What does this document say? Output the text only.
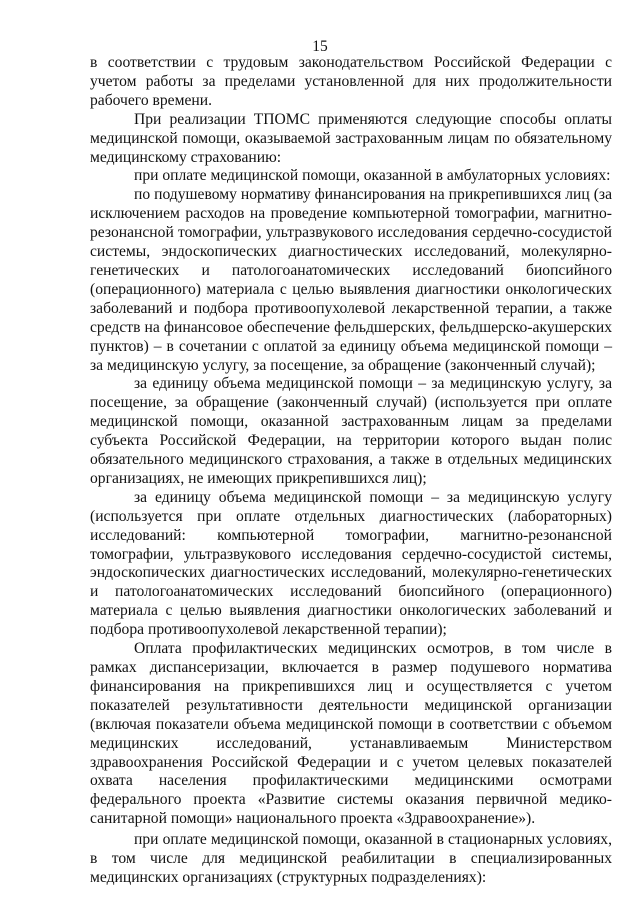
15

в соответствии с трудовым законодательством Российской Федерации с учетом работы за пределами установленной для них продолжительности рабочего времени.

При реализации ТПОМС применяются следующие способы оплаты медицинской помощи, оказываемой застрахованным лицам по обязательному медицинскому страхованию:

при оплате медицинской помощи, оказанной в амбулаторных условиях:

по подушевому нормативу финансирования на прикрепившихся лиц (за исключением расходов на проведение компьютерной томографии, магнитно-резонансной томографии, ультразвукового исследования сердечно-сосудистой системы, эндоскопических диагностических исследований, молекулярно-генетических и патологоанатомических исследований биопсийного (операционного) материала с целью выявления диагностики онкологических заболеваний и подбора противоопухолевой лекарственной терапии, а также средств на финансовое обеспечение фельдшерских, фельдшерско-акушерских пунктов) – в сочетании с оплатой за единицу объема медицинской помощи – за медицинскую услугу, за посещение, за обращение (законченный случай);

за единицу объема медицинской помощи – за медицинскую услугу, за посещение, за обращение (законченный случай) (используется при оплате медицинской помощи, оказанной застрахованным лицам за пределами субъекта Российской Федерации, на территории которого выдан полис обязательного медицинского страхования, а также в отдельных медицинских организациях, не имеющих прикрепившихся лиц);

за единицу объема медицинской помощи – за медицинскую услугу (используется при оплате отдельных диагностических (лабораторных) исследований: компьютерной томографии, магнитно-резонансной томографии, ультразвукового исследования сердечно-сосудистой системы, эндоскопических диагностических исследований, молекулярно-генетических и патологоанатомических исследований биопсийного (операционного) материала с целью выявления диагностики онкологических заболеваний и подбора противоопухолевой лекарственной терапии);

Оплата профилактических медицинских осмотров, в том числе в рамках диспансеризации, включается в размер подушевого норматива финансирования на прикрепившихся лиц и осуществляется с учетом показателей результативности деятельности медицинской организации (включая показатели объема медицинской помощи в соответствии с объемом медицинских исследований, устанавливаемым Министерством здравоохранения Российской Федерации и с учетом целевых показателей охвата населения профилактическими медицинскими осмотрами федерального проекта «Развитие системы оказания первичной медико-санитарной помощи» национального проекта «Здравоохранение»).

при оплате медицинской помощи, оказанной в стационарных условиях, в том числе для медицинской реабилитации в специализированных медицинских организациях (структурных подразделениях):
